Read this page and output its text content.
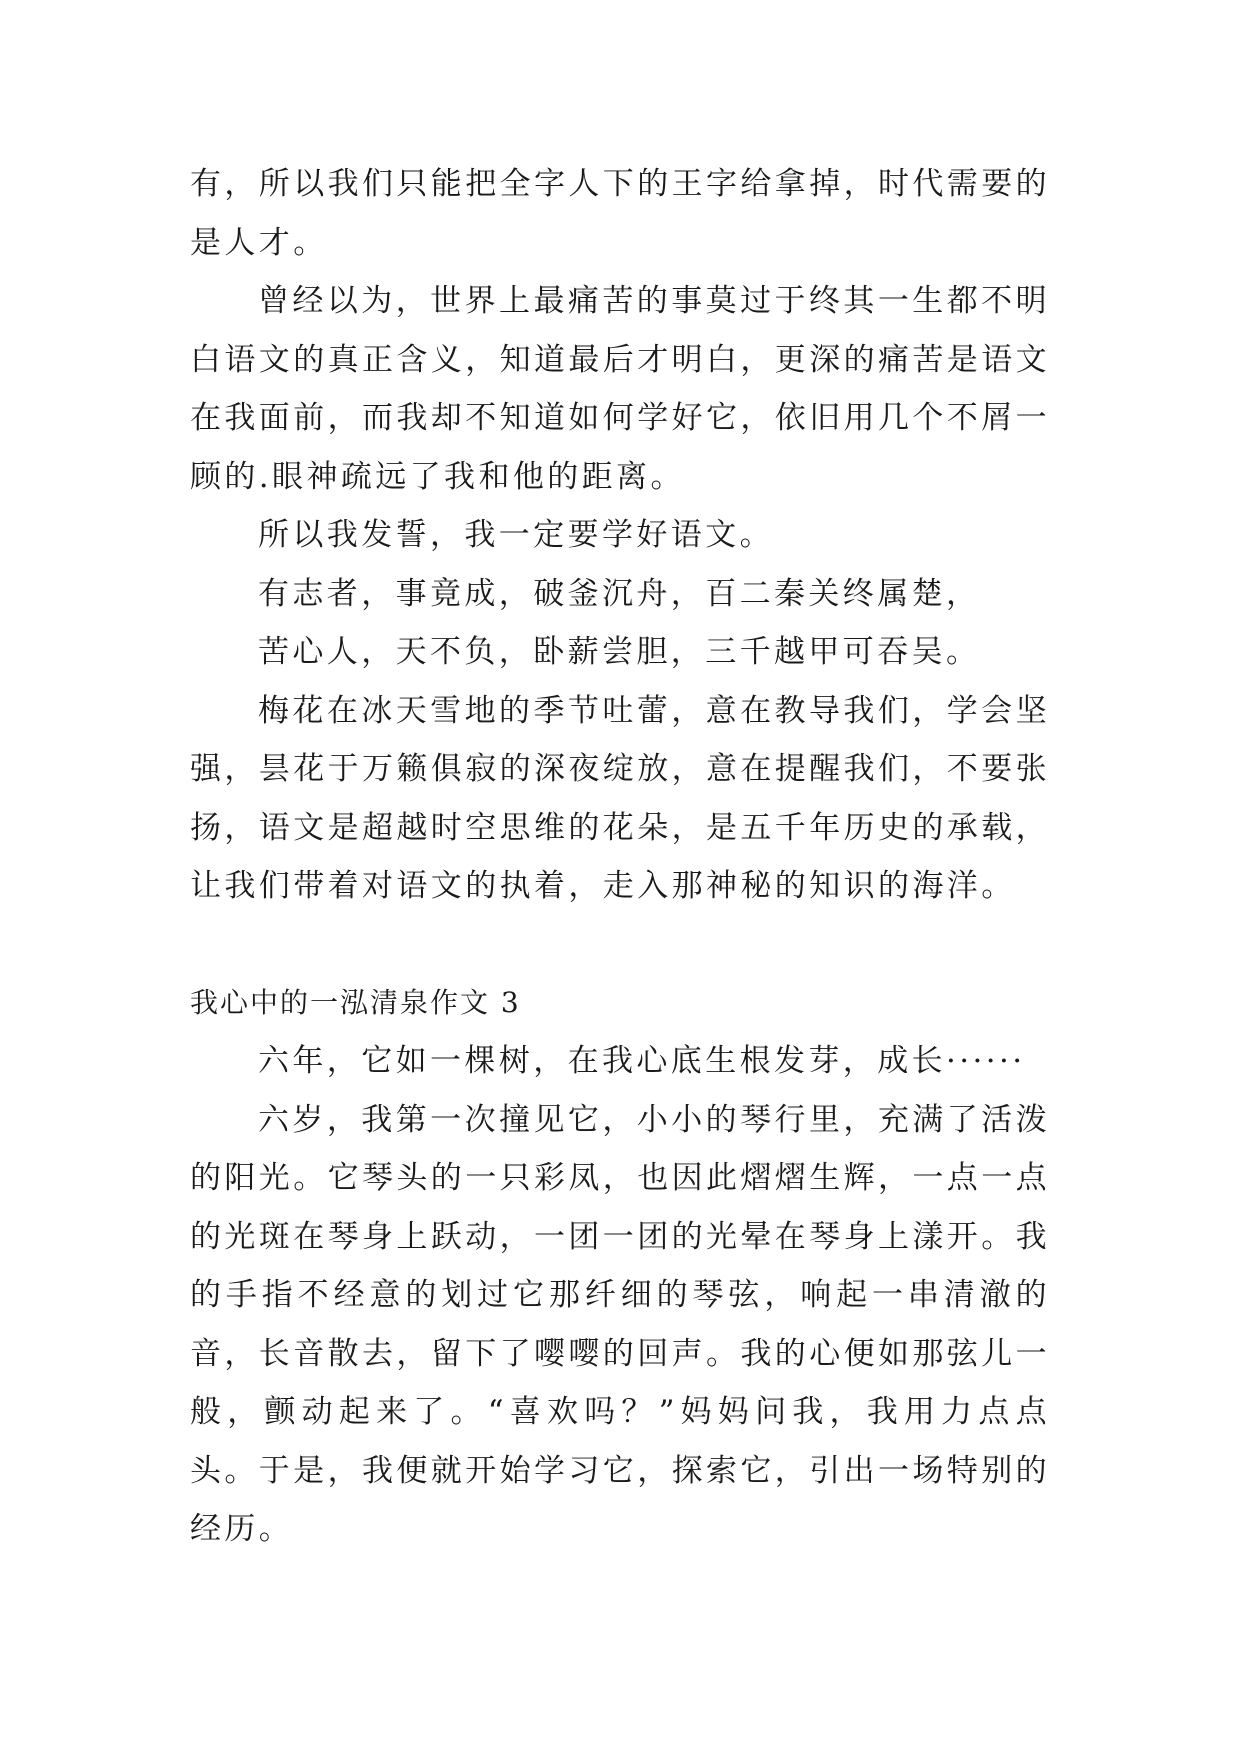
有，所以我们只能把全字人下的王字给拿掉，时代需要的是人才。

曾经以为，世界上最痛苦的事莫过于终其一生都不明白语文的真正含义，知道最后才明白，更深的痛苦是语文在我面前，而我却不知道如何学好它，依旧用几个不屑一顾的.眼神疏远了我和他的距离。

所以我发誓，我一定要学好语文。

有志者，事竟成，破釜沉舟，百二秦关终属楚，

苦心人，天不负，卧薪尝胆，三千越甲可吞吴。

梅花在冰天雪地的季节吐蕾，意在教导我们，学会坚强，昙花于万籁俱寂的深夜绽放，意在提醒我们，不要张扬，语文是超越时空思维的花朵，是五千年历史的承载，让我们带着对语文的执着，走入那神秘的知识的海洋。

我心中的一泓清泉作文 3

六年，它如一棵树，在我心底生根发芽，成长······

六岁，我第一次撞见它，小小的琴行里，充满了活泼的阳光。它琴头的一只彩凤，也因此熠熠生辉，一点一点的光斑在琴身上跃动，一团一团的光晕在琴身上漾开。我的手指不经意的划过它那纤细的琴弦，响起一串清澈的音，长音散去，留下了嘤嘤的回声。我的心便如那弦儿一般，颤动起来了。“喜欢吗？”妈妈问我，我用力点点头。于是，我便就开始学习它，探索它，引出一场特别的经历。
